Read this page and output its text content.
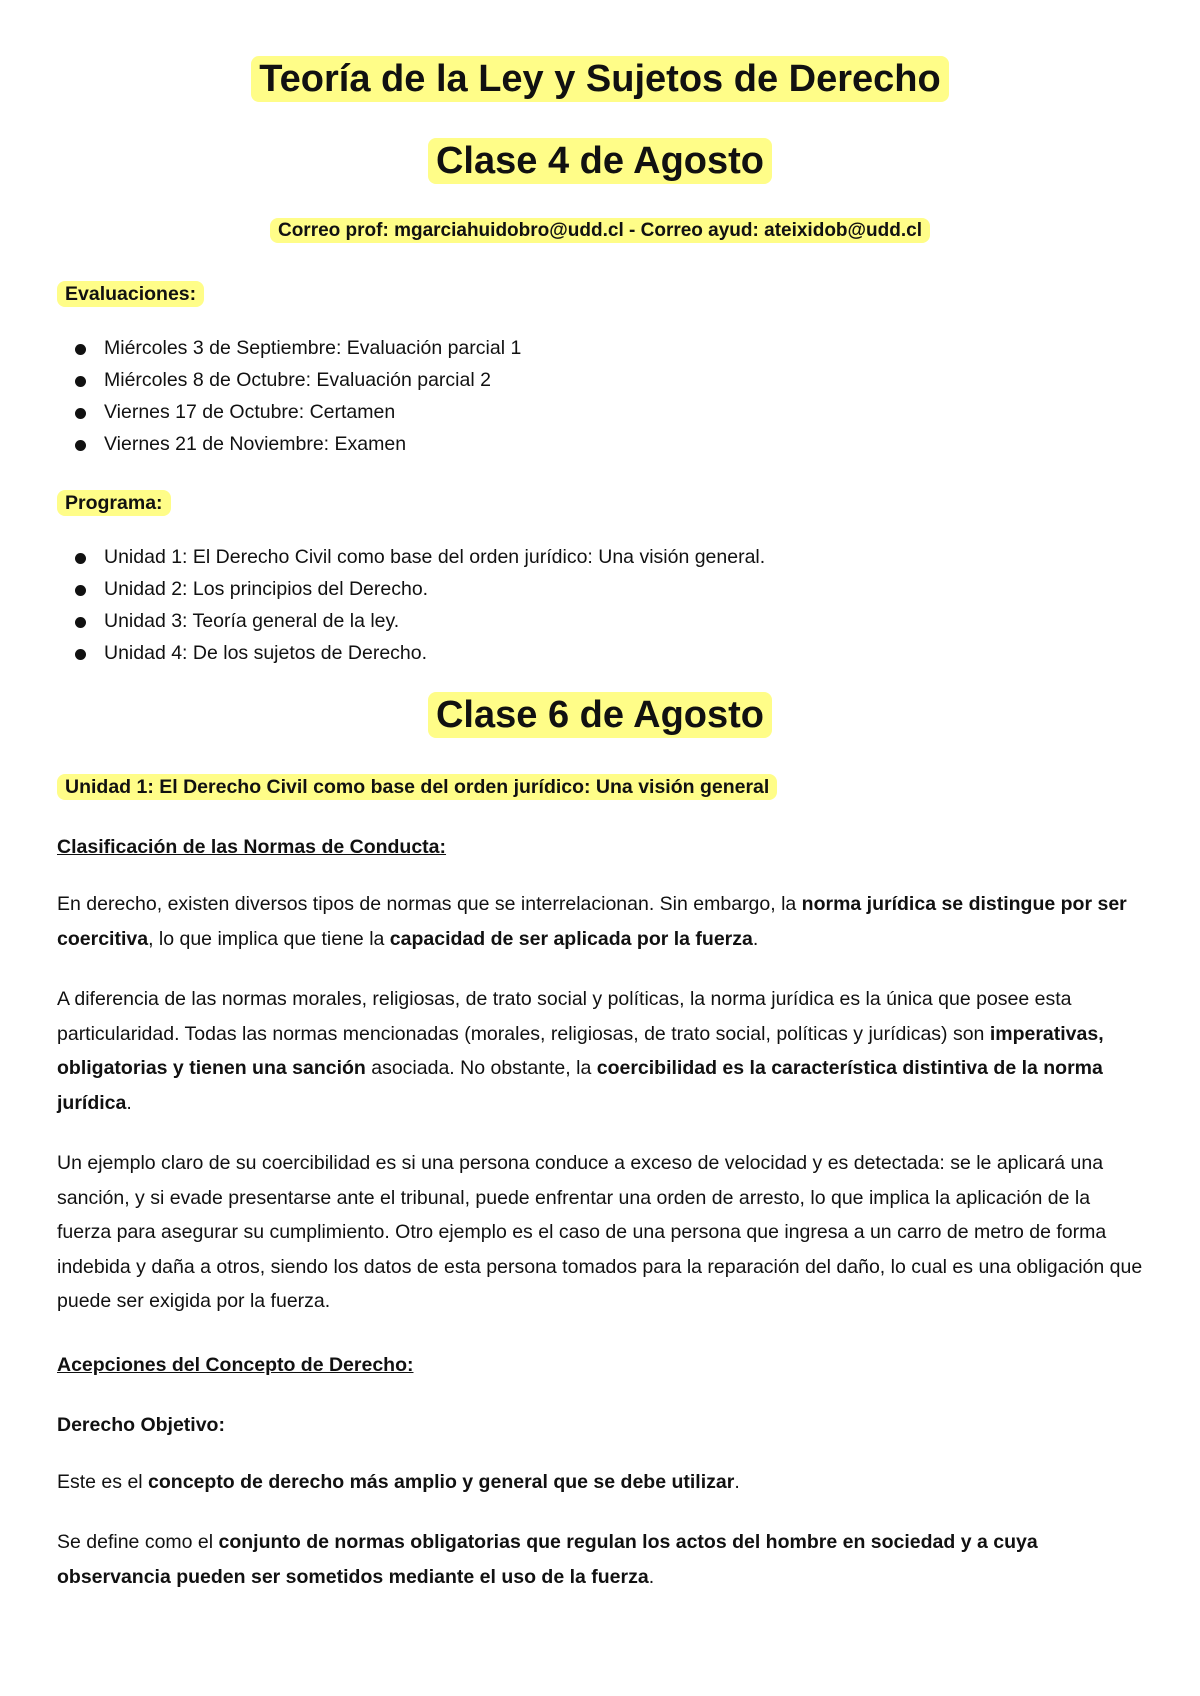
Teoría de la Ley y Sujetos de Derecho
Clase 4 de Agosto
Correo prof: mgarciahuidobro@udd.cl - Correo ayud: ateixidob@udd.cl
Evaluaciones:
Miércoles 3 de Septiembre: Evaluación parcial 1
Miércoles 8 de Octubre: Evaluación parcial 2
Viernes 17 de Octubre: Certamen
Viernes 21 de Noviembre: Examen
Programa:
Unidad 1: El Derecho Civil como base del orden jurídico: Una visión general.
Unidad 2: Los principios del Derecho.
Unidad 3: Teoría general de la ley.
Unidad 4: De los sujetos de Derecho.
Clase 6 de Agosto
Unidad 1: El Derecho Civil como base del orden jurídico: Una visión general
Clasificación de las Normas de Conducta:

En derecho, existen diversos tipos de normas que se interrelacionan. Sin embargo, la norma jurídica se distingue por ser coercitiva, lo que implica que tiene la capacidad de ser aplicada por la fuerza.

A diferencia de las normas morales, religiosas, de trato social y políticas, la norma jurídica es la única que posee esta particularidad. Todas las normas mencionadas (morales, religiosas, de trato social, políticas y jurídicas) son imperativas, obligatorias y tienen una sanción asociada. No obstante, la coercibilidad es la característica distintiva de la norma jurídica.

Un ejemplo claro de su coercibilidad es si una persona conduce a exceso de velocidad y es detectada: se le aplicará una sanción, y si evade presentarse ante el tribunal, puede enfrentar una orden de arresto, lo que implica la aplicación de la fuerza para asegurar su cumplimiento. Otro ejemplo es el caso de una persona que ingresa a un carro de metro de forma indebida y daña a otros, siendo los datos de esta persona tomados para la reparación del daño, lo cual es una obligación que puede ser exigida por la fuerza.

Acepciones del Concepto de Derecho:
Derecho Objetivo:

Este es el concepto de derecho más amplio y general que se debe utilizar.

Se define como el conjunto de normas obligatorias que regulan los actos del hombre en sociedad y a cuya observancia pueden ser sometidos mediante el uso de la fuerza.
